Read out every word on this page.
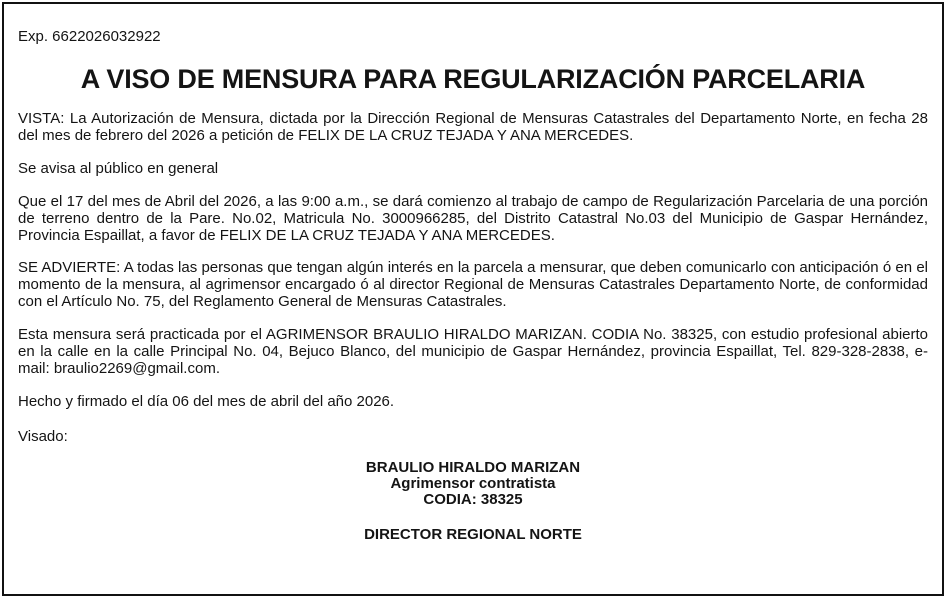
Exp. 6622026032922
A VISO DE MENSURA PARA REGULARIZACIÓN PARCELARIA

VISTA: La Autorización de Mensura, dictada por la Dirección Regional de Mensuras Catastrales del Departamento Norte, en fecha 28 del mes de febrero del 2026 a petición de FELIX DE LA CRUZ TEJADA Y ANA MERCEDES.

Se avisa al público en general

Que el 17 del mes de Abril del 2026, a las 9:00 a.m., se dará comienzo al trabajo de campo de Regularización Parcelaria de una porción de terreno dentro de la Pare. No.02, Matricula No. 3000966285, del Distrito Catastral No.03 del Municipio de Gaspar Hernández, Provincia Espaillat, a favor de FELIX DE LA CRUZ TEJADA Y ANA MERCEDES.

SE ADVIERTE: A todas las personas que tengan algún interés en la parcela a mensurar, que deben comunicarlo con anticipación ó en el momento de la mensura, al agrimensor encargado ó al director Regional de Mensuras Catastrales Departamento Norte, de conformidad con el Artículo No. 75, del Reglamento General de Mensuras Catastrales.

Esta mensura será practicada por el AGRIMENSOR BRAULIO HIRALDO MARIZAN. CODIA No. 38325, con estudio profesional abierto en la calle en la calle Principal No. 04, Bejuco Blanco, del municipio de Gaspar Hernández, provincia Espaillat, Tel. 829-328-2838, e-mail: braulio2269@gmail.com.

Hecho y firmado el día 06 del mes de abril del año 2026.

Visado:

BRAULIO HIRALDO MARIZAN
Agrimensor contratista
CODIA: 38325
DIRECTOR REGIONAL NORTE
